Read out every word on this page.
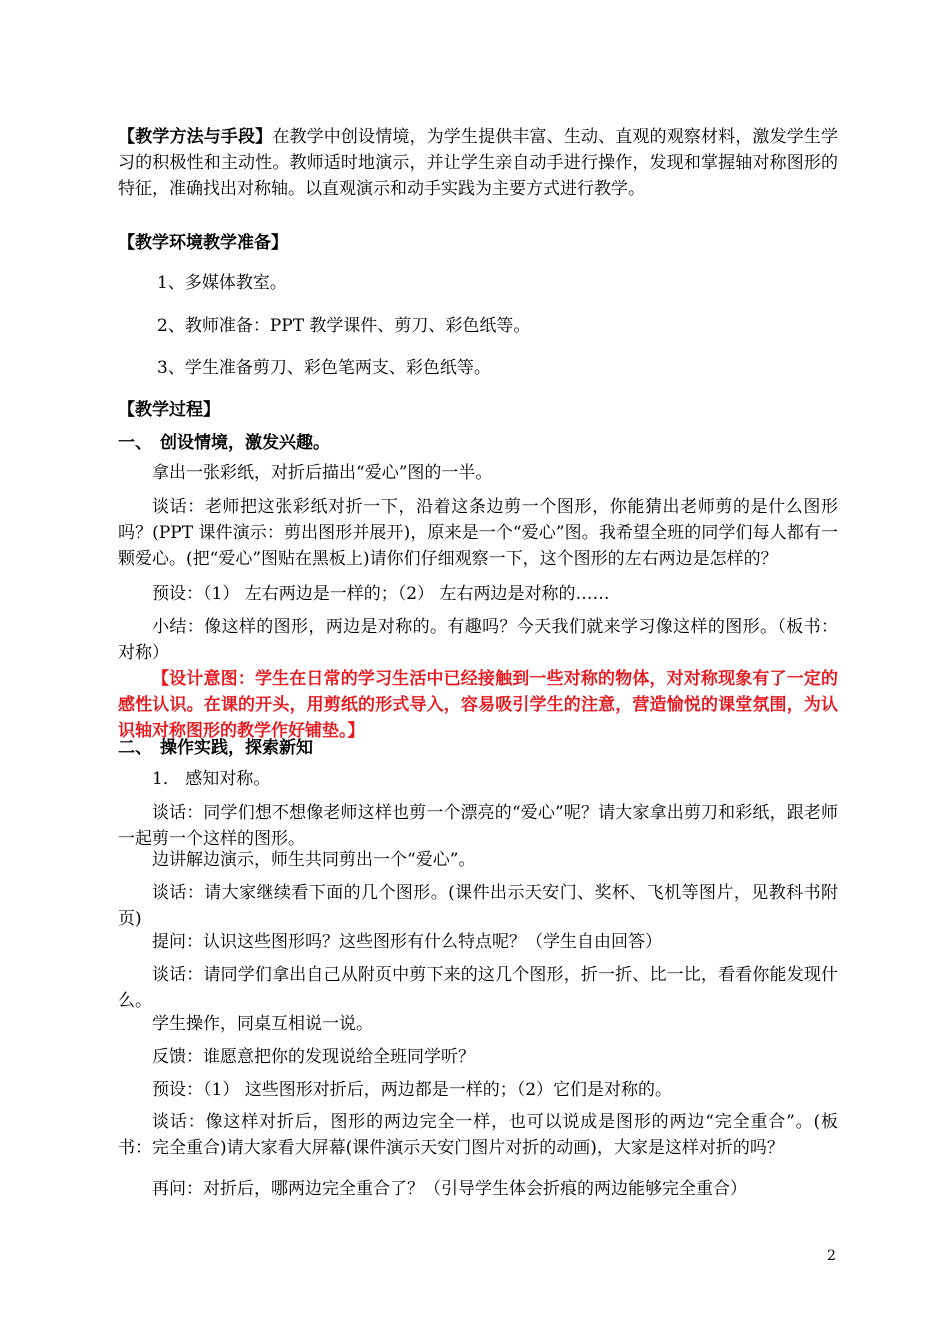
【教学方法与手段】在教学中创设情境，为学生提供丰富、生动、直观的观察材料，激发学生学习的积极性和主动性。教师适时地演示，并让学生亲自动手进行操作，发现和掌握轴对称图形的特征，准确找出对称轴。以直观演示和动手实践为主要方式进行教学。

【教学环境教学准备】
1、多媒体教室。
2、教师准备：PPT 教学课件、剪刀、彩色纸等。
3、学生准备剪刀、彩色笔两支、彩色纸等。
【教学过程】
一、 创设情境，激发兴趣。

拿出一张彩纸，对折后描出“爱心”图的一半。

谈话：老师把这张彩纸对折一下，沿着这条边剪一个图形，你能猜出老师剪的是什么图形吗？(PPT 课件演示：剪出图形并展开)，原来是一个“爱心”图。我希望全班的同学们每人都有一颗爱心。(把“爱心”图贴在黑板上)请你们仔细观察一下，这个图形的左右两边是怎样的？

预设：（1） 左右两边是一样的；（2） 左右两边是对称的……

小结：像这样的图形，两边是对称的。有趣吗？今天我们就来学习像这样的图形。（板书：对称）

【设计意图：学生在日常的学习生活中已经接触到一些对称的物体，对对称现象有了一定的感性认识。在课的开头，用剪纸的形式导入，容易吸引学生的注意，营造愉悦的课堂氛围，为认识轴对称图形的教学作好铺垫。】

二、 操作实践，探索新知

1． 感知对称。

谈话：同学们想不想像老师这样也剪一个漂亮的“爱心”呢？请大家拿出剪刀和彩纸，跟老师一起剪一个这样的图形。

边讲解边演示，师生共同剪出一个“爱心”。

谈话：请大家继续看下面的几个图形。(课件出示天安门、奖杯、飞机等图片，见教科书附页)

提问：认识这些图形吗？这些图形有什么特点呢？（学生自由回答）

谈话：请同学们拿出自己从附页中剪下来的这几个图形，折一折、比一比，看看你能发现什么。

学生操作，同桌互相说一说。

反馈：谁愿意把你的发现说给全班同学听？

预设：（1） 这些图形对折后，两边都是一样的；（2）它们是对称的。

谈话：像这样对折后，图形的两边完全一样，也可以说成是图形的两边“完全重合”。(板书：完全重合)请大家看大屏幕(课件演示天安门图片对折的动画)，大家是这样对折的吗？

再问：对折后，哪两边完全重合了？（引导学生体会折痕的两边能够完全重合）

2
